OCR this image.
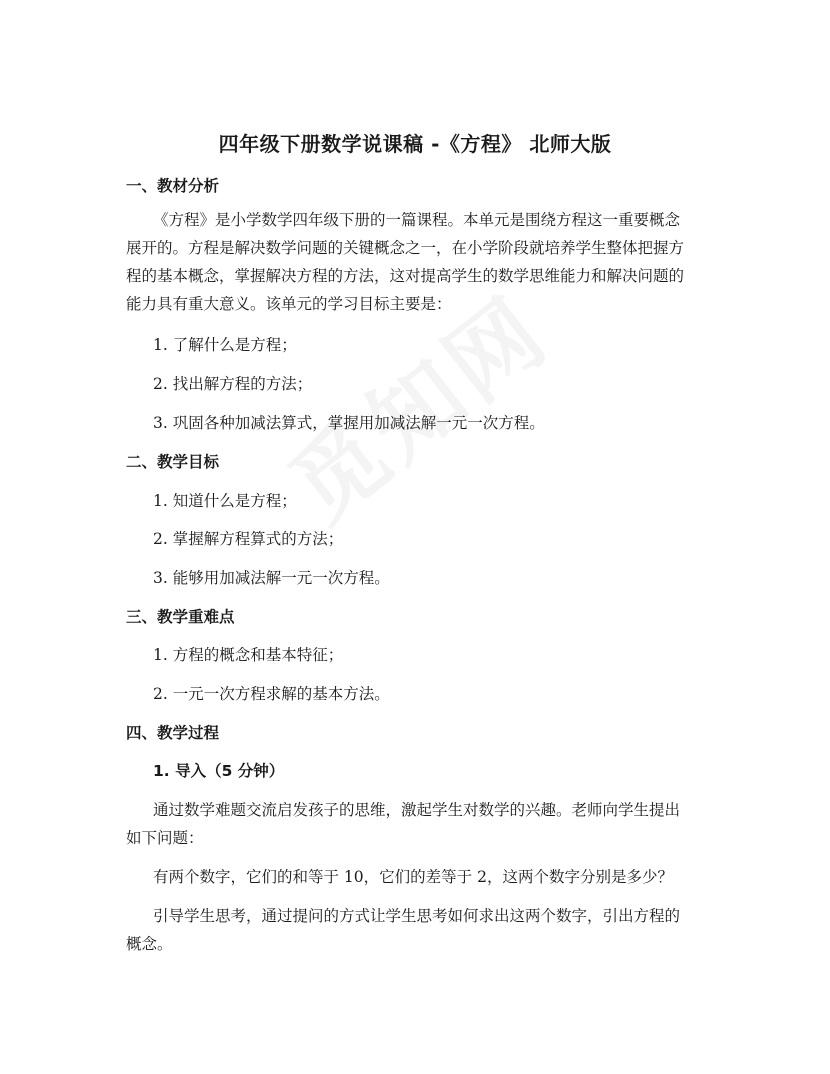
四年级下册数学说课稿 -《方程》 北师大版
一、教材分析
《方程》是小学数学四年级下册的一篇课程。本单元是围绕方程这一重要概念
展开的。方程是解决数学问题的关键概念之一，在小学阶段就培养学生整体把握方
程的基本概念，掌握解决方程的方法，这对提高学生的数学思维能力和解决问题的
能力具有重大意义。该单元的学习目标主要是：
1. 了解什么是方程；
2. 找出解方程的方法；
3. 巩固各种加减法算式，掌握用加减法解一元一次方程。
二、教学目标
1. 知道什么是方程；
2. 掌握解方程算式的方法；
3. 能够用加减法解一元一次方程。
三、教学重难点
1. 方程的概念和基本特征；
2. 一元一次方程求解的基本方法。
四、教学过程
1. 导入（5 分钟）
通过数学难题交流启发孩子的思维，激起学生对数学的兴趣。老师向学生提出
如下问题：
有两个数字，它们的和等于 10，它们的差等于 2，这两个数字分别是多少？
引导学生思考，通过提问的方式让学生思考如何求出这两个数字，引出方程的
概念。
